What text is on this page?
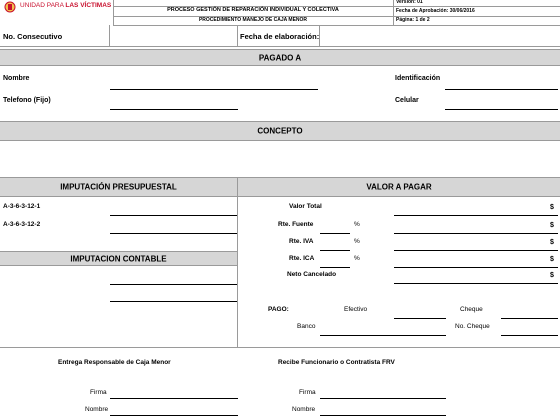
UNIDAD PARA LAS VÍCTIMAS
PROCESO GESTIÓN DE REPARACIÓN INDIVIDUAL Y COLECTIVA
PROCEDIMIENTO MANEJO DE CAJA MENOR
Versión: 01
Fecha de Aprobación: 30/06/2016
Página: 1 de 2
No. Consecutivo	Fecha de elaboración:
PAGADO A
Nombre	Identificación
Telefono (Fijo)	Celular
CONCEPTO
IMPUTACIÓN PRESUPUESTAL	VALOR A PAGAR
A-3-6-3-12-1
A-3-6-3-12-2
IMPUTACION CONTABLE
Valor Total	$
Rte. Fuente	%	$
Rte. IVA	%	$
Rte. ICA	%	$
Neto Cancelado	$
PAGO:	Efectivo	Cheque
Banco	No. Cheque
Entrega Responsable de Caja Menor	Recibe Funcionario o Contratista FRV
Firma	Firma
Nombre	Nombre
